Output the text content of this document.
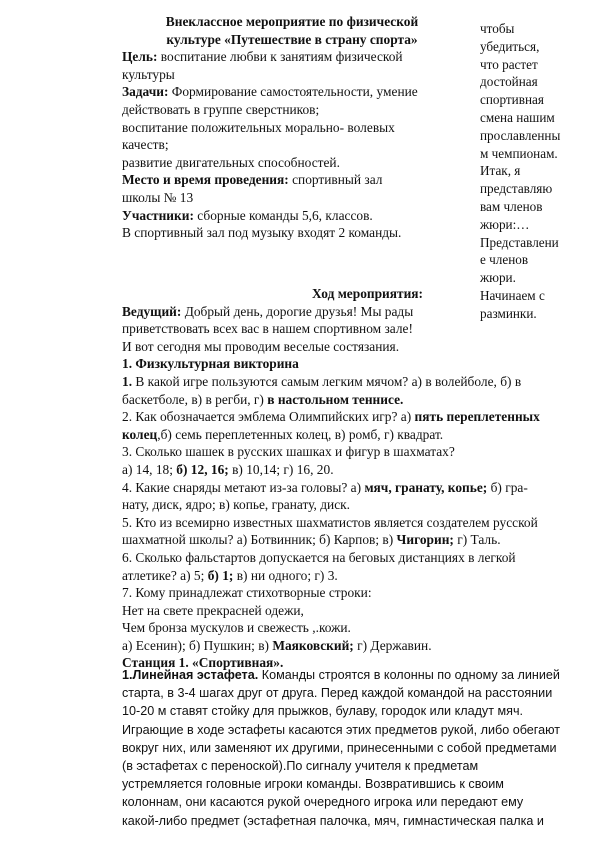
Внеклассное мероприятие по физической
культуре «Путешествие в страну спорта»
Цель: воспитание любви к занятиям физической
культуры
Задачи: Формирование самостоятельности, умение
действовать в группе сверстников;
воспитание положительных морально- волевых
качеств;
развитие двигательных способностей.
Место и время проведения: спортивный зал
школы № 13
Участники: сборные команды 5,6, классов.
В спортивный зал под музыку входят 2 команды.
чтобы
убедиться,
что растет
достойная
спортивная
смена нашим
прославленны
м чемпионам.
Итак, я
представляю
вам членов
жюри:…
Представлени
е членов
жюри.
Начинаем с
разминки.
Ход мероприятия:
Ведущий: Добрый день, дорогие друзья! Мы рады
приветствовать всех вас в нашем спортивном зале!
И вот сегодня мы проводим веселые состязания.
1. Физкультурная викторина
1. В какой игре пользуются самым легким мячом? а) в волейболе, б) в
баскетболе, в) в регби, г) в настольном теннисе.
2. Как обозначается эмблема Олимпийских игр? а) пять переплетенных
колец,б) семь переплетенных колец, в) ромб, г) квадрат.
3. Сколько шашек в русских шашках и фигур в шахматах?
а) 14, 18; б) 12, 16; в) 10,14; г) 16, 20.
4. Какие снаряды метают из-за головы? а) мяч, гранату, копье; б) гра-
нату, диск, ядро; в) копье, гранату, диск.
5. Кто из всемирно известных шахматистов является создателем русской
шахматной школы? а) Ботвинник; б) Карпов; в) Чигорин; г) Таль.
6. Сколько фальстартов допускается на беговых дистанциях в легкой
атлетике? а) 5; б) 1; в) ни одного; г) 3.
7. Кому принадлежат стихотворные строки:
Нет на свете прекрасней одежи,
Чем бронза мускулов и свежесть ,.кожи.
а) Есенин); б) Пушкин; в) Маяковский; г) Державин.
Станция 1. «Спортивная».
1.Линейная эстафета. Команды строятся в колонны по одному за линией
старта, в 3-4 шагах друг от друга. Перед каждой командой на расстоянии
10-20 м ставят стойку для прыжков, булаву, городок или кладут мяч.
Играющие в ходе эстафеты касаются этих предметов рукой, либо обегают
вокруг них, или заменяют их другими, принесенными с собой предметами
(в эстафетах с переноской).По сигналу учителя к предметам
устремляется головные игроки команды. Возвратившись к своим
колоннам, они касаются рукой очередного игрока или передают ему
какой-либо предмет (эстафетная палочка, мяч, гимнастическая палка и
